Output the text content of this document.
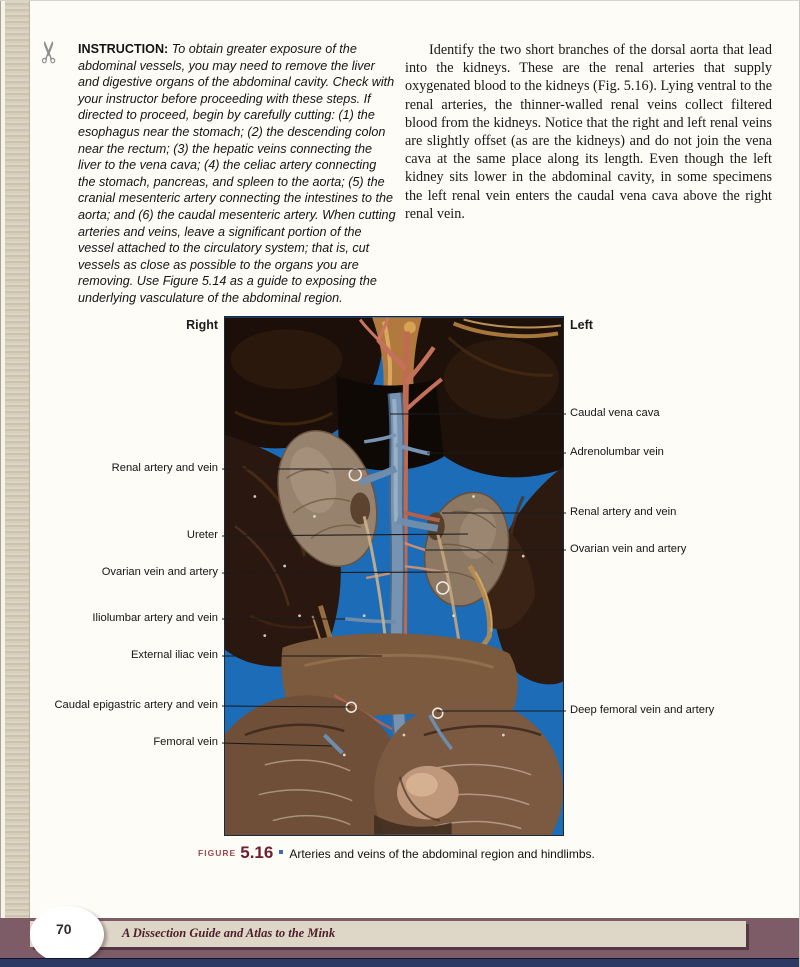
✂ INSTRUCTION: To obtain greater exposure of the abdominal vessels, you may need to remove the liver and digestive organs of the abdominal cavity. Check with your instructor before proceeding with these steps. If directed to proceed, begin by carefully cutting: (1) the esophagus near the stomach; (2) the descending colon near the rectum; (3) the hepatic veins connecting the liver to the vena cava; (4) the celiac artery connecting the stomach, pancreas, and spleen to the aorta; (5) the cranial mesenteric artery connecting the intestines to the aorta; and (6) the caudal mesenteric artery. When cutting arteries and veins, leave a significant portion of the vessel attached to the circulatory system; that is, cut vessels as close as possible to the organs you are removing. Use Figure 5.14 as a guide to exposing the underlying vasculature of the abdominal region.
Identify the two short branches of the dorsal aorta that lead into the kidneys. These are the renal arteries that supply oxygenated blood to the kidneys (Fig. 5.16). Lying ventral to the renal arteries, the thinner-walled renal veins collect filtered blood from the kidneys. Notice that the right and left renal veins are slightly offset (as are the kidneys) and do not join the vena cava at the same place along its length. Even though the left kidney sits lower in the abdominal cavity, in some specimens the left renal vein enters the caudal vena cava above the right renal vein.
Right	Left
Renal artery and vein
Ureter
Ovarian vein and artery
Iliolumbar artery and vein
External iliac vein
Caudal epigastric artery and vein
Femoral vein
Caudal vena cava
Adrenolumbar vein
Renal artery and vein
Ovarian vein and artery
Deep femoral vein and artery
FIGURE 5.16 Arteries and veins of the abdominal region and hindlimbs.
70	A Dissection Guide and Atlas to the Mink
